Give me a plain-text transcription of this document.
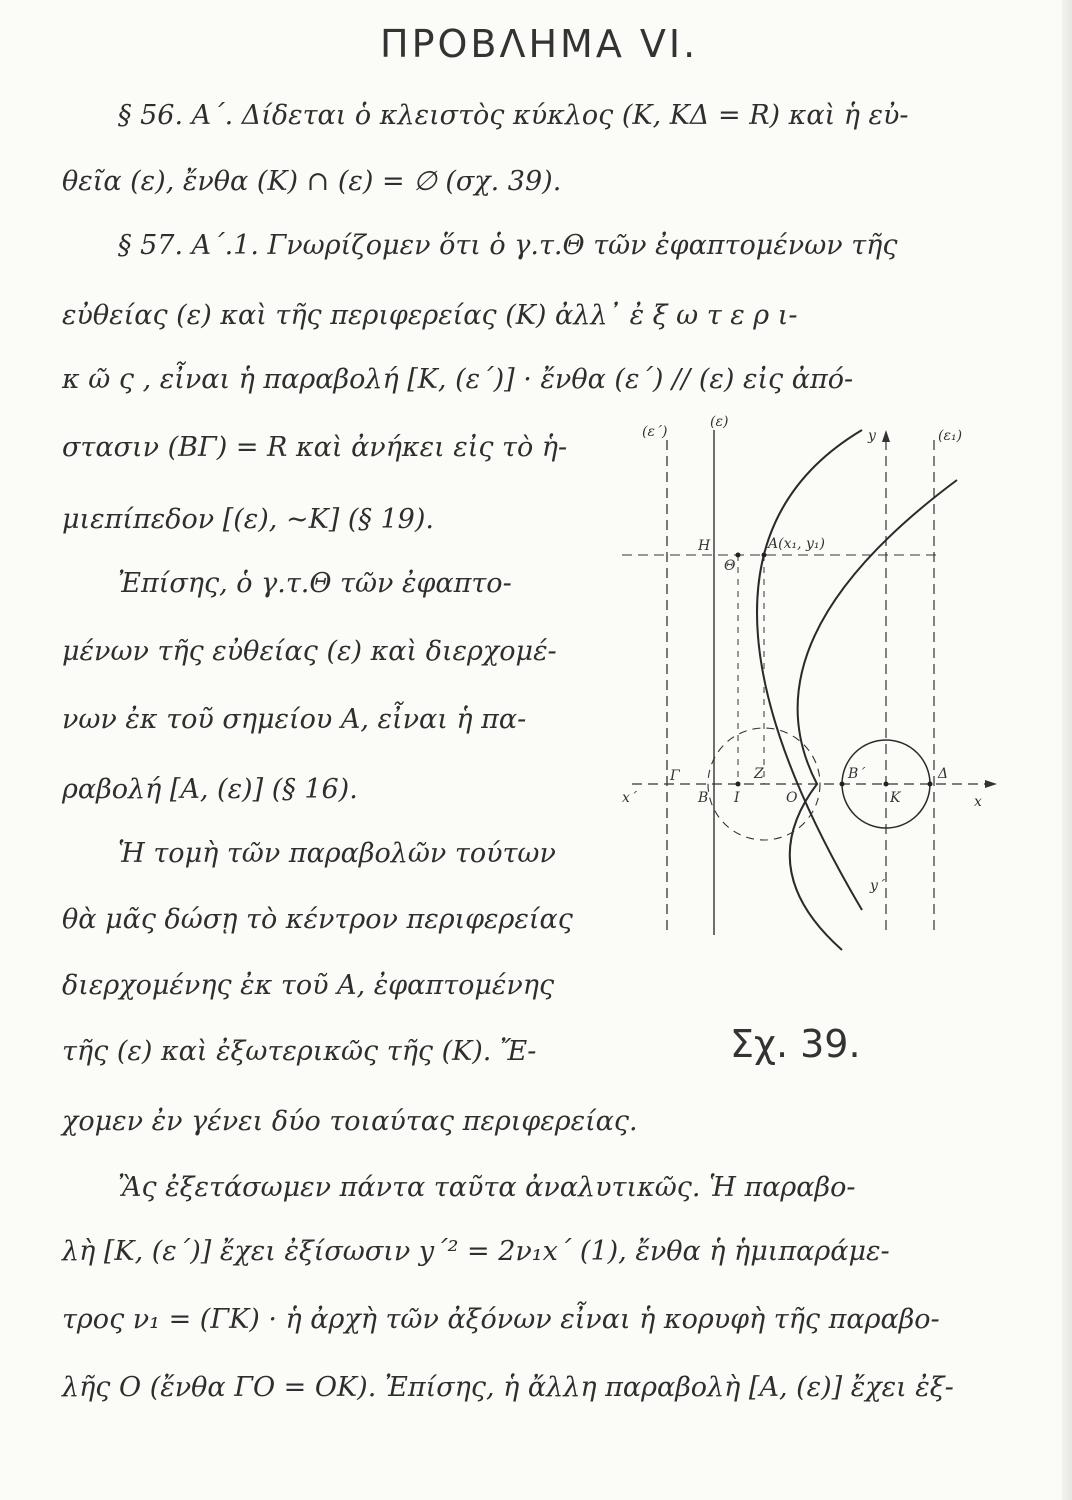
ΠΡΟΒΛΗΜΑ VI.
§ 56. Α΄. Δίδεται ὁ κλειστὸς κύκλος (Κ, ΚΔ = R) καὶ ἡ εὐ-
θεῖα (ε), ἔνθα (Κ) ∩ (ε) = ∅ (σχ. 39).
§ 57. Α΄.1. Γνωρίζομεν ὅτι ὁ γ.τ.Θ τῶν ἐφαπτομένων τῆς
εὐθείας (ε) καὶ τῆς περιφερείας (Κ) ἀλλ᾿ ἐ ξ ω τ ε ρ ι-
κ ῶ ς , εἶναι ἡ παραβολή [Κ, (ε΄)] · ἔνθα (ε΄) // (ε) εἰς ἀπό-
στασιν (ΒΓ) = R καὶ ἀνήκει εἰς τὸ ἡ-
μιεπίπεδον [(ε), ~Κ] (§ 19).
Ἐπίσης, ὁ γ.τ.Θ τῶν ἐφαπτο-
μένων τῆς εὐθείας (ε) καὶ διερχομέ-
νων ἐκ τοῦ σημείου Α, εἶναι ἡ πα-
ραβολή [Α, (ε)] (§ 16).
Ἡ τομὴ τῶν παραβολῶν τούτων
θὰ μᾶς δώσῃ τὸ κέντρον περιφερείας
διερχομένης ἐκ τοῦ Α, ἐφαπτομένης
τῆς (ε) καὶ ἐξωτερικῶς τῆς (Κ). Ἔ-
χομεν ἐν γένει δύο τοιαύτας περιφερείας.
Ἂς ἐξετάσωμεν πάντα ταῦτα ἀναλυτικῶς. Ἡ παραβο-
λὴ [Κ, (ε΄)] ἔχει ἐξίσωσιν y΄² = 2ν₁x΄ (1), ἔνθα ἡ ἡμιπαράμε-
τρος ν₁ = (ΓΚ) · ἡ ἀρχὴ τῶν ἀξόνων εἶναι ἡ κορυφὴ τῆς παραβο-
λῆς Ο (ἔνθα ΓΟ = ΟΚ). Ἐπίσης, ἡ ἄλλη παραβολὴ [Α, (ε)] ἔχει ἐξ-
(ε΄)
(ε)
y	(ε₁)
Η	Α(x₁, y₁)
Θ
Γ
x΄	Β Ι
Ζ
Ο
Β΄
Κ
Δ
x
y΄
Σχ. 39.
